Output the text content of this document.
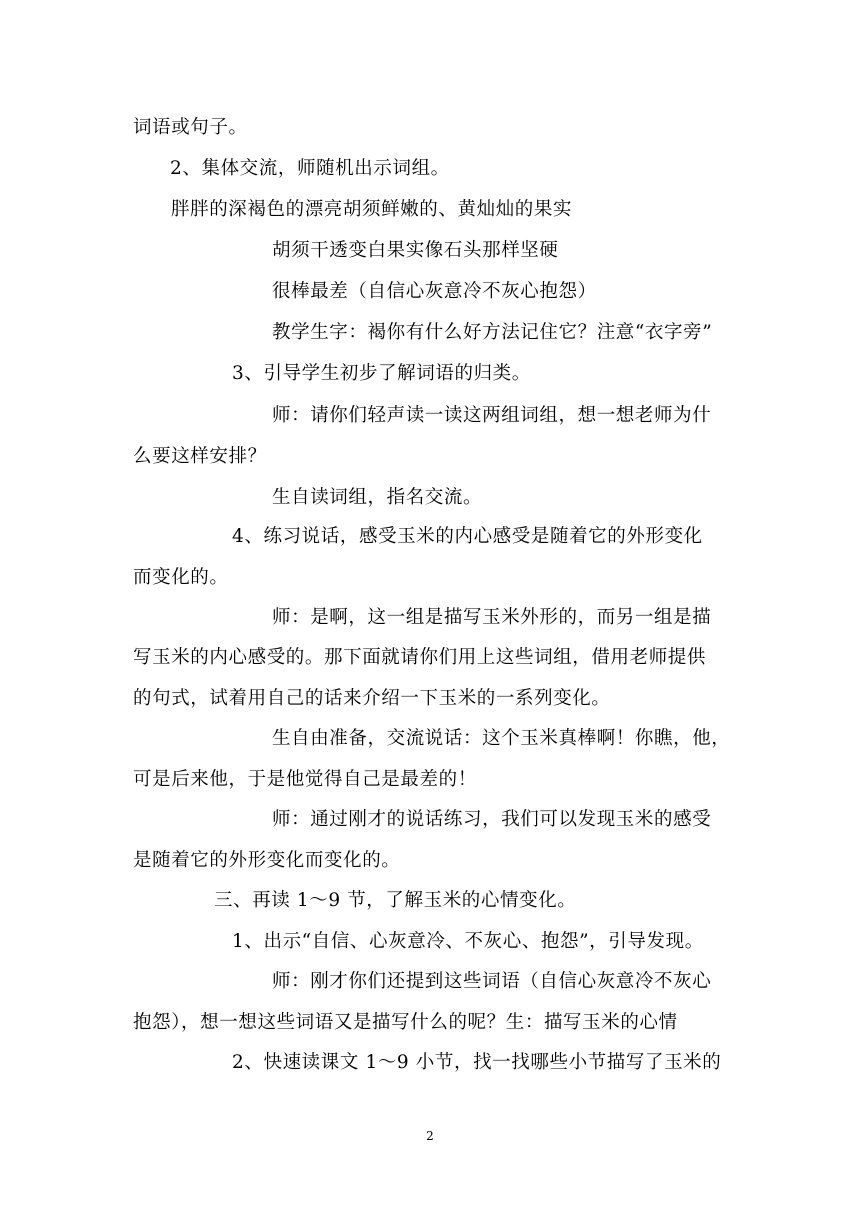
词语或句子。
2、集体交流，师随机出示词组。
胖胖的深褐色的漂亮胡须鲜嫩的、黄灿灿的果实
胡须干透变白果实像石头那样坚硬
很棒最差（自信心灰意冷不灰心抱怨）
教学生字：褐你有什么好方法记住它？注意“衣字旁”
3、引导学生初步了解词语的归类。
师：请你们轻声读一读这两组词组，想一想老师为什
么要这样安排？
生自读词组，指名交流。
4、练习说话，感受玉米的内心感受是随着它的外形变化
而变化的。
师：是啊，这一组是描写玉米外形的，而另一组是描
写玉米的内心感受的。那下面就请你们用上这些词组，借用老师提供
的句式，试着用自己的话来介绍一下玉米的一系列变化。
生自由准备，交流说话：这个玉米真棒啊！你瞧，他，
可是后来他，于是他觉得自己是最差的！
师：通过刚才的说话练习，我们可以发现玉米的感受
是随着它的外形变化而变化的。
三、再读 1～9 节，了解玉米的心情变化。
1、出示“自信、心灰意冷、不灰心、抱怨”，引导发现。
师：刚才你们还提到这些词语（自信心灰意冷不灰心
抱怨），想一想这些词语又是描写什么的呢？生：描写玉米的心情
2、快速读课文 1～9 小节，找一找哪些小节描写了玉米的
2
